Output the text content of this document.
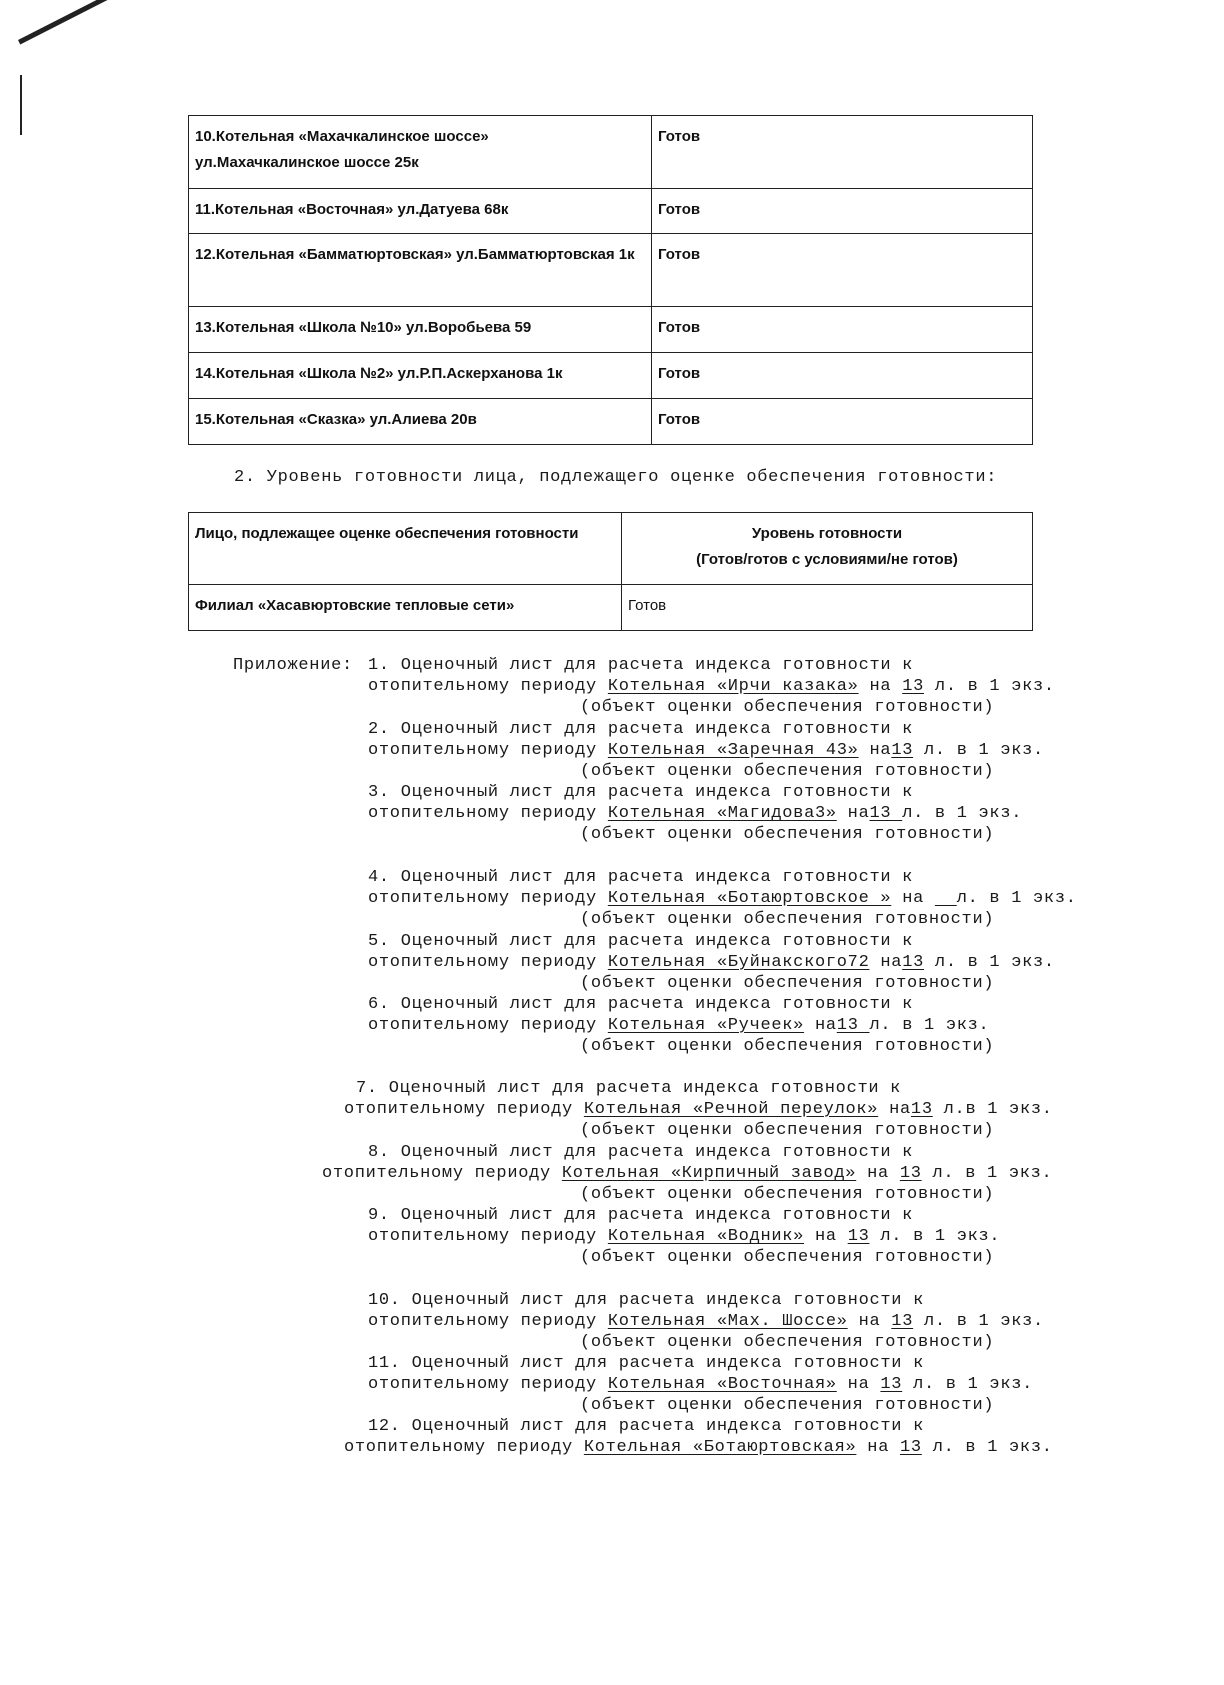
10.Котельная «Махачкалинское шоссе»
ул.Махачкалинское шоссе 25к	Готов
11.Котельная «Восточная» ул.Датуева 68к	Готов
12.Котельная «Бамматюртовская» ул.Бамматюртовская 1к	Готов
13.Котельная «Школа №10» ул.Воробьева 59	Готов
14.Котельная «Школа №2» ул.Р.П.Аскерханова 1к	Готов
15.Котельная «Сказка» ул.Алиева 20в	Готов
2. Уровень готовности лица, подлежащего оценке обеспечения готовности:
Лицо, подлежащее оценке обеспечения готовности	Уровень готовности
(Готов/готов с условиями/не готов)
Филиал «Хасавюртовские тепловые сети»	Готов
Приложение: 1. Оценочный лист для расчета индекса готовности к
отопительному периоду Котельная «Ирчи казака» на 13 л. в 1 экз.
(объект оценки обеспечения готовности)
2. Оценочный лист для расчета индекса готовности к
отопительному периоду Котельная «Заречная 43» на13 л. в 1 экз.
(объект оценки обеспечения готовности)
3. Оценочный лист для расчета индекса готовности к
отопительному периоду Котельная «Магидова3» на13 л. в 1 экз.
(объект оценки обеспечения готовности)
4. Оценочный лист для расчета индекса готовности к
отопительному периоду Котельная «Ботаюртовское » на   л. в 1 экз.
(объект оценки обеспечения готовности)
5. Оценочный лист для расчета индекса готовности к
отопительному периоду Котельная «Буйнакского72 на13 л. в 1 экз.
(объект оценки обеспечения готовности)
6. Оценочный лист для расчета индекса готовности к
отопительному периоду Котельная «Ручеек» на13 л. в 1 экз.
(объект оценки обеспечения готовности)
7. Оценочный лист для расчета индекса готовности к
отопительному периоду Котельная «Речной переулок» на13 л.в 1 экз.
(объект оценки обеспечения готовности)
8. Оценочный лист для расчета индекса готовности к
отопительному периоду Котельная «Кирпичный завод» на 13 л. в 1 экз.
(объект оценки обеспечения готовности)
9. Оценочный лист для расчета индекса готовности к
отопительному периоду Котельная «Водник» на 13 л. в 1 экз.
(объект оценки обеспечения готовности)
10. Оценочный лист для расчета индекса готовности к
отопительному периоду Котельная «Мах. Шоссе» на 13 л. в 1 экз.
(объект оценки обеспечения готовности)
11. Оценочный лист для расчета индекса готовности к
отопительному периоду Котельная «Восточная» на 13 л. в 1 экз.
(объект оценки обеспечения готовности)
12. Оценочный лист для расчета индекса готовности к
отопительному периоду Котельная «Ботаюртовская» на 13 л. в 1 экз.
